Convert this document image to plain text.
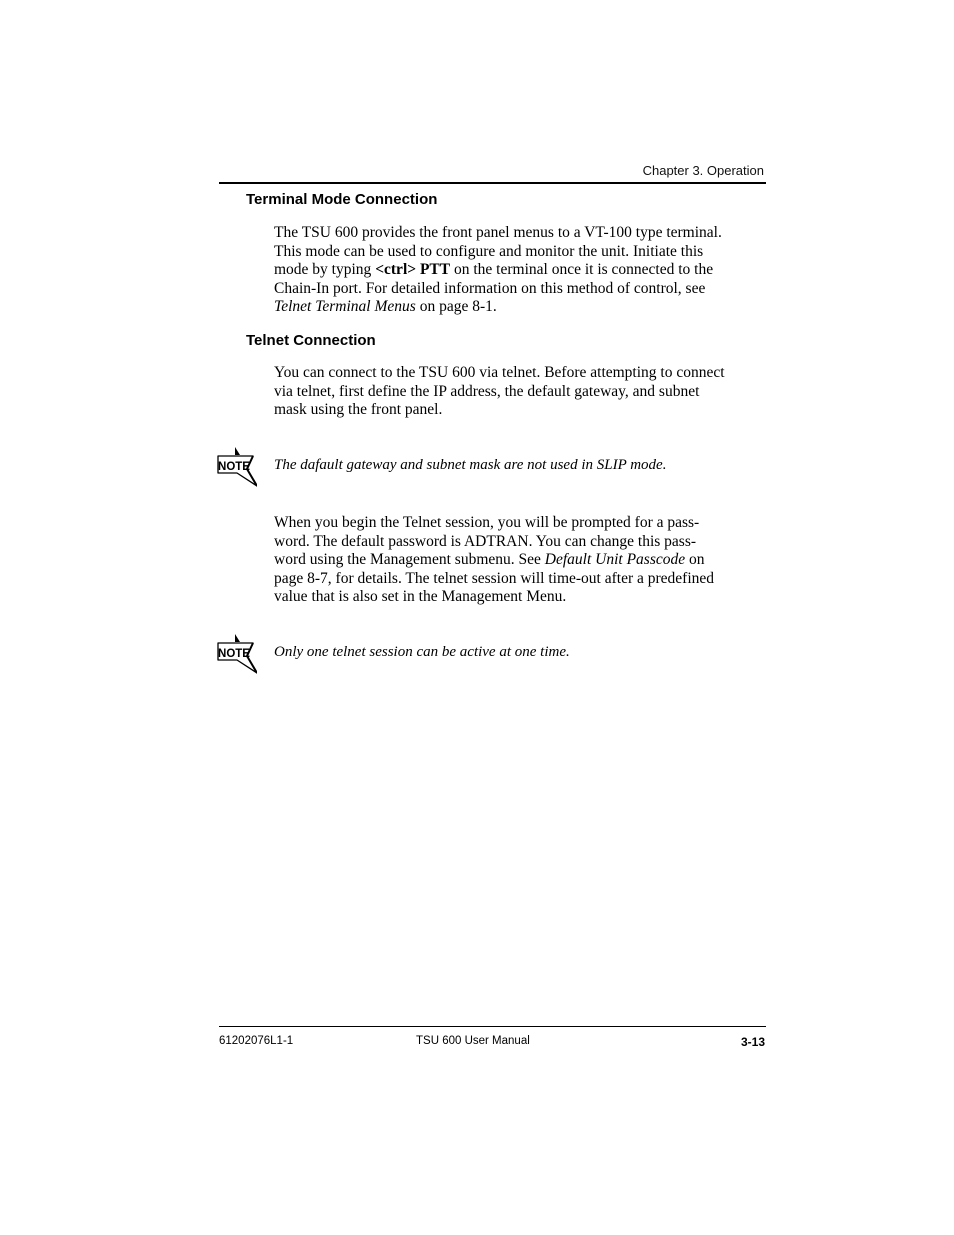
Chapter 3. Operation
Terminal Mode Connection
The TSU 600 provides the front panel menus to a VT-100 type terminal.
This mode can be used to configure and monitor the unit. Initiate this
mode by typing <ctrl> PTT on the terminal once it is connected to the
Chain-In port. For detailed information on this method of control, see
Telnet Terminal Menus on page 8-1.
Telnet Connection
You can connect to the TSU 600 via telnet. Before attempting to connect
via telnet, first define the IP address, the default gateway, and subnet
mask using the front panel.
NOTE The dafault gateway and subnet mask are not used in SLIP mode.
When you begin the Telnet session, you will be prompted for a pass-
word. The default password is ADTRAN. You can change this pass-
word using the Management submenu. See Default Unit Passcode on
page 8-7, for details. The telnet session will time-out after a predefined
value that is also set in the Management Menu.
NOTE Only one telnet session can be active at one time.
61202076L1-1	TSU 600 User Manual	3-13
